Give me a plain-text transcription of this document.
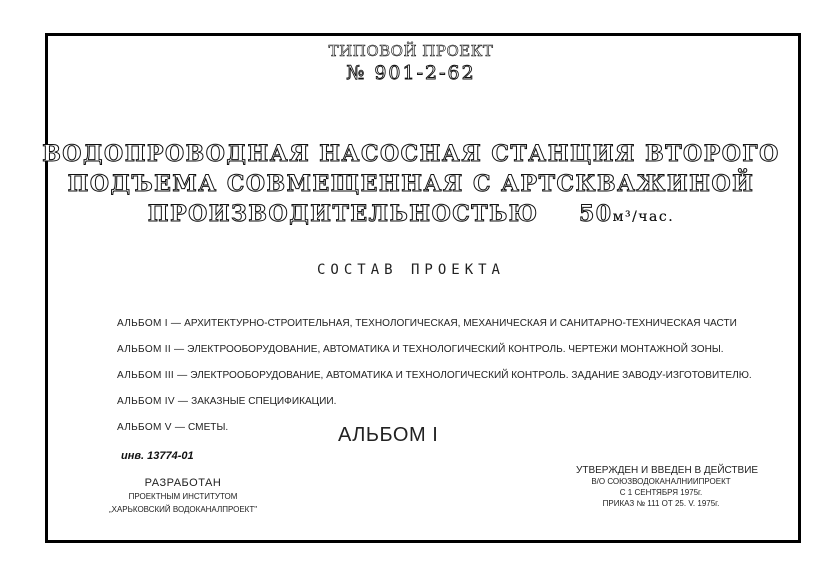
ТИПОВОЙ ПРОЕКТ
№ 901-2-62
ВОДОПРОВОДНАЯ НАСОСНАЯ СТАНЦИЯ ВТОРОГО
ПОДЪЕМА СОВМЕЩЕННАЯ С АРТСКВАЖИНОЙ
ПРОИЗВОДИТЕЛЬНОСТЬЮ 50м³/час.
СОСТАВ ПРОЕКТА
АЛЬБОМ I — АРХИТЕКТУРНО-СТРОИТЕЛЬНАЯ, ТЕХНОЛОГИЧЕСКАЯ, МЕХАНИЧЕСКАЯ И САНИТАРНО-ТЕХНИЧЕСКАЯ ЧАСТИ
АЛЬБОМ II — ЭЛЕКТРООБОРУДОВАНИЕ, АВТОМАТИКА И ТЕХНОЛОГИЧЕСКИЙ КОНТРОЛЬ. ЧЕРТЕЖИ МОНТАЖНОЙ ЗОНЫ.
АЛЬБОМ III — ЭЛЕКТРООБОРУДОВАНИЕ, АВТОМАТИКА И ТЕХНОЛОГИЧЕСКИЙ КОНТРОЛЬ. ЗАДАНИЕ ЗАВОДУ-ИЗГОТОВИТЕЛЮ.
АЛЬБОМ IV — ЗАКАЗНЫЕ СПЕЦИФИКАЦИИ.
АЛЬБОМ V — СМЕТЫ.	АЛЬБОМ I
инв. 13774-01
РАЗРАБОТАН
ПРОЕКТНЫМ ИНСТИТУТОМ
„ХАРЬКОВСКИЙ ВОДОКАНАЛПРОЕКТ"
УТВЕРЖДЕН И ВВЕДЕН В ДЕЙСТВИЕ
В/О СОЮЗВОДОКАНАЛНИИПРОЕКТ
С 1 СЕНТЯБРЯ 1975г.
ПРИКАЗ № 111 ОТ 25. V. 1975г.
